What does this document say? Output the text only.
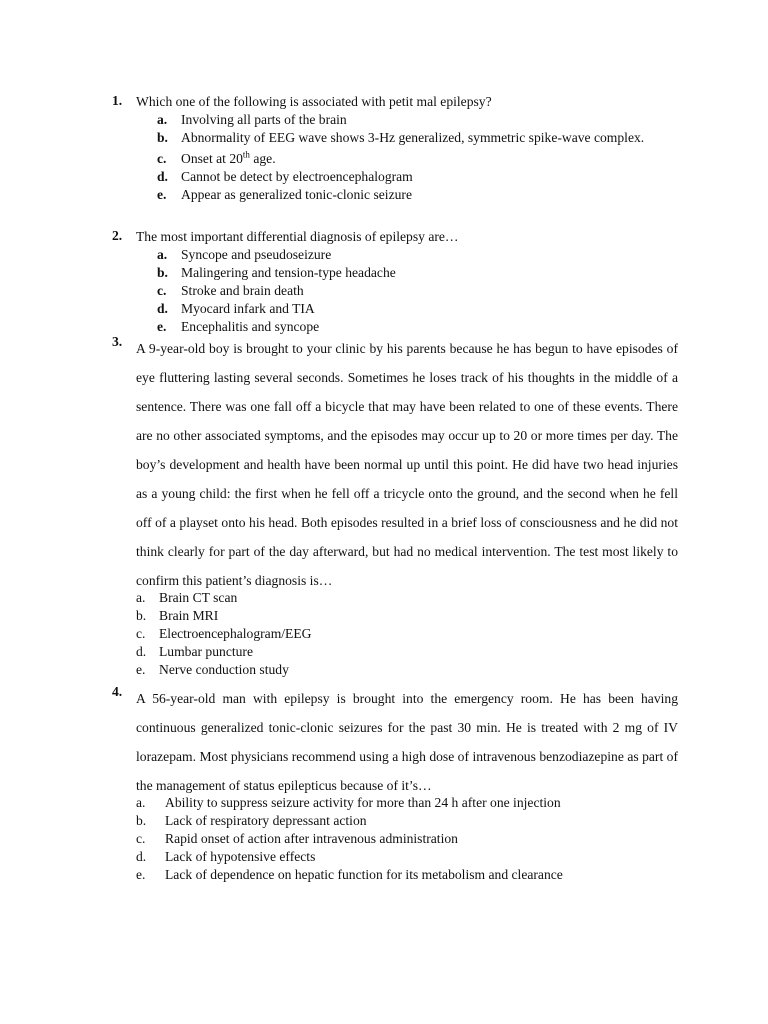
1. Which one of the following is associated with petit mal epilepsy?
a.	Involving all parts of the brain
b. Abnormality of EEG wave shows 3-Hz generalized, symmetric spike-wave complex.
c.	Onset at 20th age.
d. Cannot be detect by electroencephalogram
e.	Appear as generalized tonic-clonic seizure
2. The most important differential diagnosis of epilepsy are…
a.	Syncope and pseudoseizure
b. Malingering and tension-type headache
c.	Stroke and brain death
d. Myocard infark and TIA
e.	Encephalitis and syncope
3. A 9-year-old boy is brought to your clinic by his parents because he has begun to have episodes of eye fluttering lasting several seconds. Sometimes he loses track of his thoughts in the middle of a sentence. There was one fall off a bicycle that may have been related to one of these events. There are no other associated symptoms, and the episodes may occur up to 20 or more times per day. The boy’s development and health have been normal up until this point. He did have two head injuries as a young child: the first when he fell off a tricycle onto the ground, and the second when he fell off of a playset onto his head. Both episodes resulted in a brief loss of consciousness and he did not think clearly for part of the day afterward, but had no medical intervention. The test most likely to confirm this patient’s diagnosis is…
a. Brain CT scan
b. Brain MRI
c. Electroencephalogram/EEG
d. Lumbar puncture
e. Nerve conduction study
4. A 56-year-old man with epilepsy is brought into the emergency room. He has been having continuous generalized tonic-clonic seizures for the past 30 min. He is treated with 2 mg of IV lorazepam. Most physicians recommend using a high dose of intravenous benzodiazepine as part of the management of status epilepticus because of it’s…
a.	Ability to suppress seizure activity for more than 24 h after one injection
b.	Lack of respiratory depressant action
c.	Rapid onset of action after intravenous administration
d.	Lack of hypotensive effects
e.	Lack of dependence on hepatic function for its metabolism and clearance
